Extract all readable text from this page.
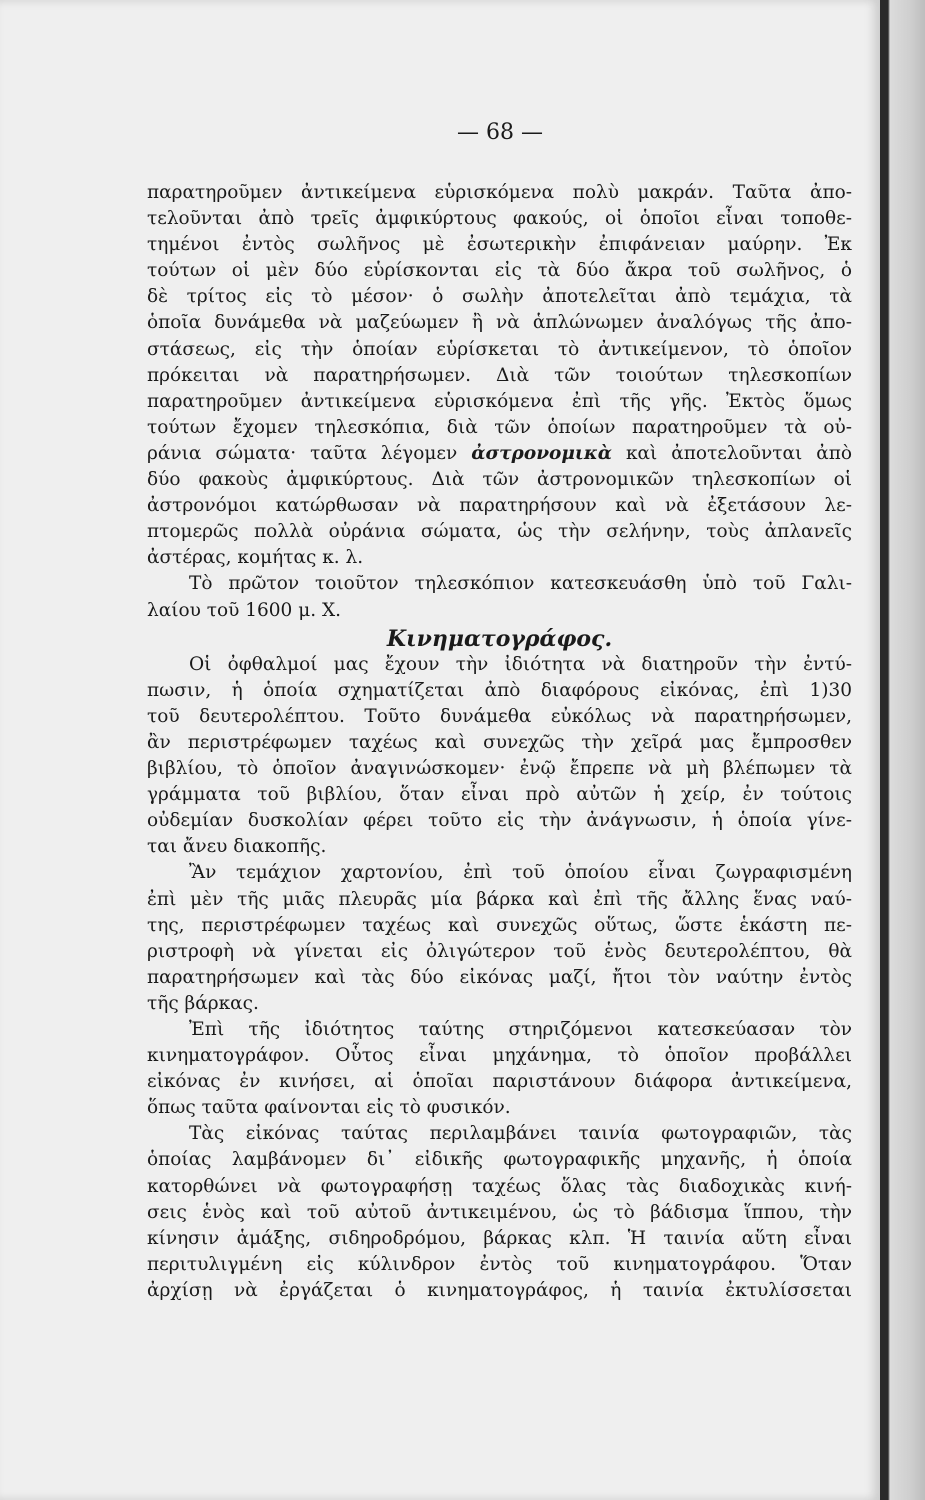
— 68 —
παρατηροῦμεν ἀντικείμενα εὑρισκόμενα πολὺ μακράν. Ταῦτα ἀπο-
τελοῦνται ἀπὸ τρεῖς ἀμφικύρτους φακούς, οἱ ὁποῖοι εἶναι τοποθε-
τημένοι ἐντὸς σωλῆνος μὲ ἐσωτερικὴν ἐπιφάνειαν μαύρην. Ἐκ
τούτων οἱ μὲν δύο εὑρίσκονται εἰς τὰ δύο ἄκρα τοῦ σωλῆνος, ὁ
δὲ τρίτος εἰς τὸ μέσον· ὁ σωλὴν ἀποτελεῖται ἀπὸ τεμάχια, τὰ
ὁποῖα δυνάμεθα νὰ μαζεύωμεν ἢ νὰ ἁπλώνωμεν ἀναλόγως τῆς ἀπο-
στάσεως, εἰς τὴν ὁποίαν εὑρίσκεται τὸ ἀντικείμενον, τὸ ὁποῖον
πρόκειται νὰ παρατηρήσωμεν. Διὰ τῶν τοιούτων τηλεσκοπίων
παρατηροῦμεν ἀντικείμενα εὑρισκόμενα ἐπὶ τῆς γῆς. Ἐκτὸς ὅμως
τούτων ἔχομεν τηλεσκόπια, διὰ τῶν ὁποίων παρατηροῦμεν τὰ οὐ-
ράνια σώματα· ταῦτα λέγομεν ἀστρονομικὰ καὶ ἀποτελοῦνται ἀπὸ
δύο φακοὺς ἀμφικύρτους. Διὰ τῶν ἀστρονομικῶν τηλεσκοπίων οἱ
ἀστρονόμοι κατώρθωσαν νὰ παρατηρήσουν καὶ νὰ ἐξετάσουν λε-
πτομερῶς πολλὰ οὐράνια σώματα, ὡς τὴν σελήνην, τοὺς ἀπλανεῖς
ἀστέρας, κομήτας κ. λ.
Τὸ πρῶτον τοιοῦτον τηλεσκόπιον κατεσκευάσθη ὑπὸ τοῦ Γαλι-
λαίου τοῦ 1600 μ. Χ.
Κινηματογράφος.
Οἱ ὀφθαλμοί μας ἔχουν τὴν ἰδιότητα νὰ διατηροῦν τὴν ἐντύ-
πωσιν, ἡ ὁποία σχηματίζεται ἀπὸ διαφόρους εἰκόνας, ἐπὶ 1)30
τοῦ δευτερολέπτου. Τοῦτο δυνάμεθα εὐκόλως νὰ παρατηρήσωμεν,
ἂν περιστρέφωμεν ταχέως καὶ συνεχῶς τὴν χεῖρά μας ἔμπροσθεν
βιβλίου, τὸ ὁποῖον ἀναγινώσκομεν· ἐνῷ ἔπρεπε νὰ μὴ βλέπωμεν τὰ
γράμματα τοῦ βιβλίου, ὅταν εἶναι πρὸ αὐτῶν ἡ χείρ, ἐν τούτοις
οὐδεμίαν δυσκολίαν φέρει τοῦτο εἰς τὴν ἀνάγνωσιν, ἡ ὁποία γίνε-
ται ἄνευ διακοπῆς.
Ἂν τεμάχιον χαρτονίου, ἐπὶ τοῦ ὁποίου εἶναι ζωγραφισμένη
ἐπὶ μὲν τῆς μιᾶς πλευρᾶς μία βάρκα καὶ ἐπὶ τῆς ἄλλης ἕνας ναύ-
της, περιστρέφωμεν ταχέως καὶ συνεχῶς οὕτως, ὥστε ἑκάστη πε-
ριστροφὴ νὰ γίνεται εἰς ὀλιγώτερον τοῦ ἑνὸς δευτερολέπτου, θὰ
παρατηρήσωμεν καὶ τὰς δύο εἰκόνας μαζί, ἤτοι τὸν ναύτην ἐντὸς
τῆς βάρκας.
Ἐπὶ τῆς ἰδιότητος ταύτης στηριζόμενοι κατεσκεύασαν τὸν
κινηματογράφον. Οὗτος εἶναι μηχάνημα, τὸ ὁποῖον προβάλλει
εἰκόνας ἐν κινήσει, αἱ ὁποῖαι παριστάνουν διάφορα ἀντικείμενα,
ὅπως ταῦτα φαίνονται εἰς τὸ φυσικόν.
Τὰς εἰκόνας ταύτας περιλαμβάνει ταινία φωτογραφιῶν, τὰς
ὁποίας λαμβάνομεν δι᾽ εἰδικῆς φωτογραφικῆς μηχανῆς, ἡ ὁποία
κατορθώνει νὰ φωτογραφήσῃ ταχέως ὅλας τὰς διαδοχικὰς κινή-
σεις ἑνὸς καὶ τοῦ αὐτοῦ ἀντικειμένου, ὡς τὸ βάδισμα ἵππου, τὴν
κίνησιν ἁμάξης, σιδηροδρόμου, βάρκας κλπ. Ἡ ταινία αὕτη εἶναι
περιτυλιγμένη εἰς κύλινδρον ἐντὸς τοῦ κινηματογράφου. Ὅταν
ἀρχίσῃ νὰ ἐργάζεται ὁ κινηματογράφος, ἡ ταινία ἐκτυλίσσεται
